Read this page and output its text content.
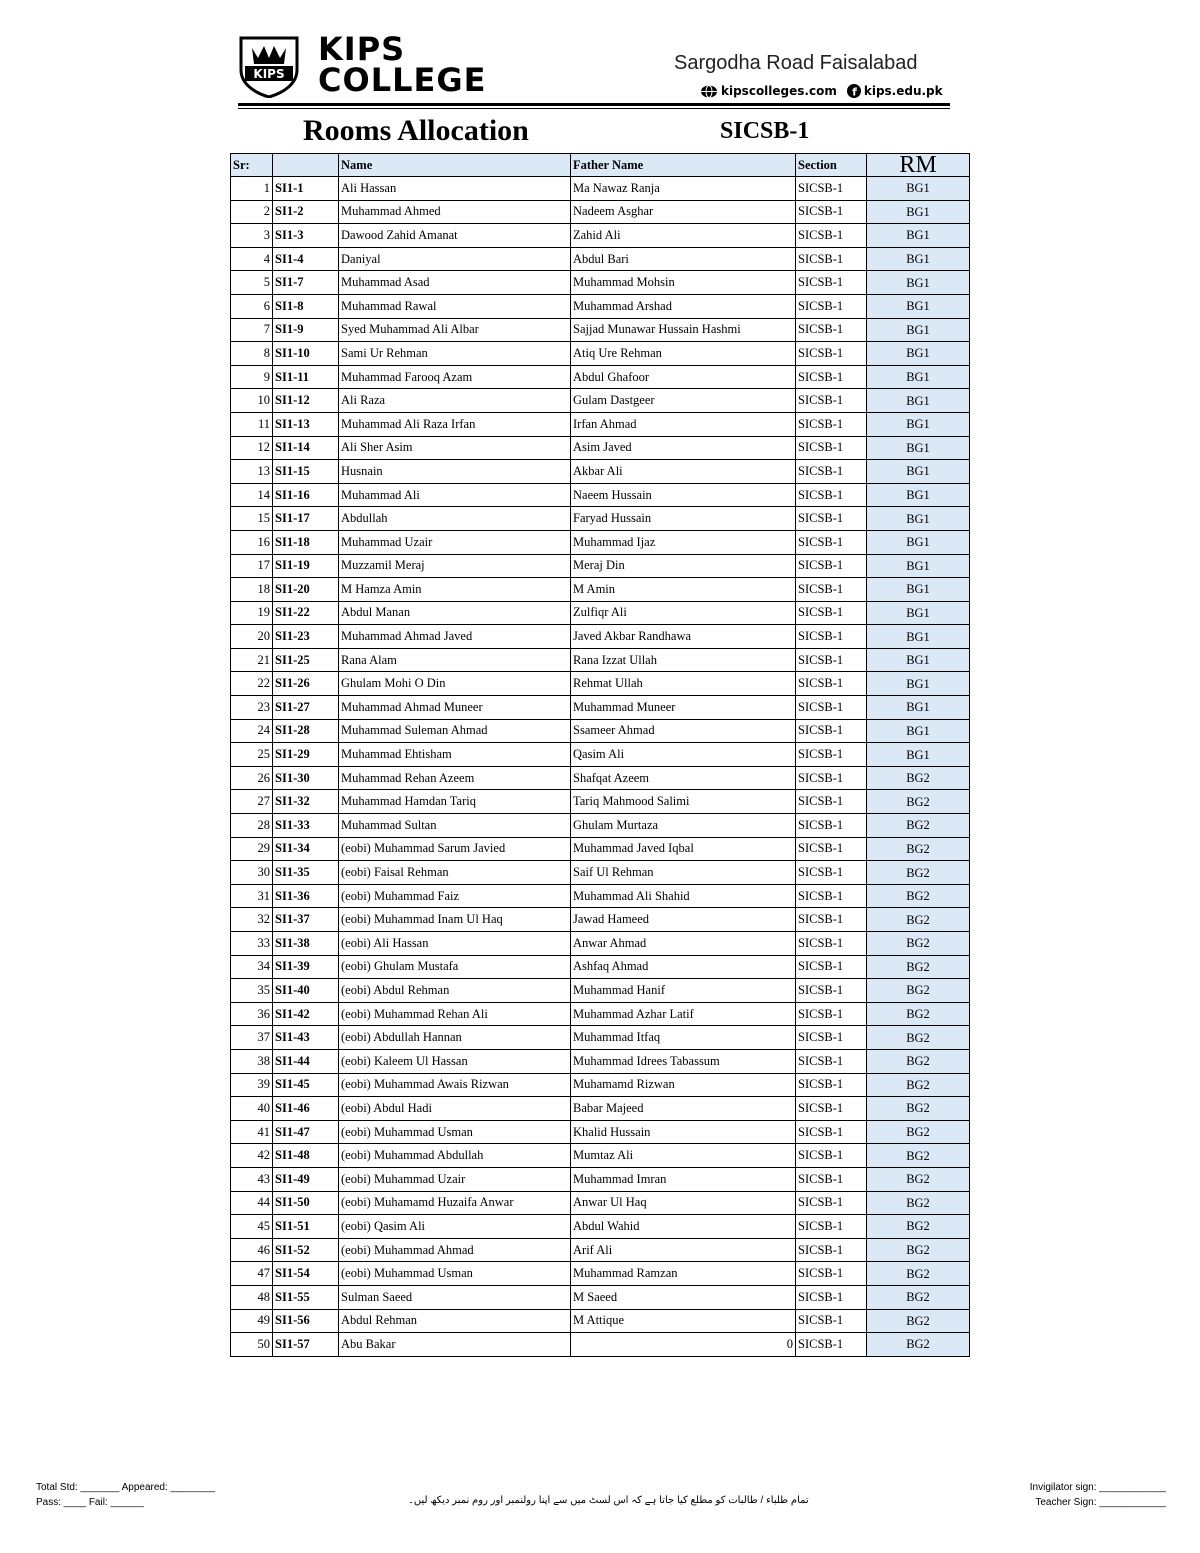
KIPS
KIPS
COLLEGE	Sargodha Road Faisalabad
kipscolleges.com f kips.edu.pk
Rooms Allocation	SICSB-1
Sr:		Name	Father Name	Section	RM
1	SI1-1	Ali Hassan	Ma Nawaz Ranja	SICSB-1	BG1
2	SI1-2	Muhammad Ahmed	Nadeem Asghar	SICSB-1	BG1
3	SI1-3	Dawood Zahid Amanat	Zahid Ali	SICSB-1	BG1
4	SI1-4	Daniyal	Abdul Bari	SICSB-1	BG1
5	SI1-7	Muhammad Asad	Muhammad Mohsin	SICSB-1	BG1
6	SI1-8	Muhammad Rawal	Muhammad Arshad	SICSB-1	BG1
7	SI1-9	Syed Muhammad Ali Albar	Sajjad Munawar Hussain Hashmi	SICSB-1	BG1
8	SI1-10	Sami Ur Rehman	Atiq Ure Rehman	SICSB-1	BG1
9	SI1-11	Muhammad Farooq Azam	Abdul Ghafoor	SICSB-1	BG1
10	SI1-12	Ali Raza	Gulam Dastgeer	SICSB-1	BG1
11	SI1-13	Muhammad Ali Raza Irfan	Irfan Ahmad	SICSB-1	BG1
12	SI1-14	Ali Sher Asim	Asim Javed	SICSB-1	BG1
13	SI1-15	Husnain	Akbar Ali	SICSB-1	BG1
14	SI1-16	Muhammad Ali	Naeem Hussain	SICSB-1	BG1
15	SI1-17	Abdullah	Faryad Hussain	SICSB-1	BG1
16	SI1-18	Muhammad Uzair	Muhammad Ijaz	SICSB-1	BG1
17	SI1-19	Muzzamil Meraj	Meraj Din	SICSB-1	BG1
18	SI1-20	M Hamza Amin	M Amin	SICSB-1	BG1
19	SI1-22	Abdul Manan	Zulfiqr Ali	SICSB-1	BG1
20	SI1-23	Muhammad Ahmad Javed	Javed Akbar Randhawa	SICSB-1	BG1
21	SI1-25	Rana Alam	Rana Izzat Ullah	SICSB-1	BG1
22	SI1-26	Ghulam Mohi O Din	Rehmat Ullah	SICSB-1	BG1
23	SI1-27	Muhammad Ahmad Muneer	Muhammad Muneer	SICSB-1	BG1
24	SI1-28	Muhammad Suleman Ahmad	Ssameer Ahmad	SICSB-1	BG1
25	SI1-29	Muhammad Ehtisham	Qasim Ali	SICSB-1	BG1
26	SI1-30	Muhammad Rehan Azeem	Shafqat Azeem	SICSB-1	BG2
27	SI1-32	Muhammad Hamdan Tariq	Tariq Mahmood Salimi	SICSB-1	BG2
28	SI1-33	Muhammad Sultan	Ghulam Murtaza	SICSB-1	BG2
29	SI1-34	(eobi) Muhammad Sarum Javied	Muhammad Javed Iqbal	SICSB-1	BG2
30	SI1-35	(eobi) Faisal Rehman	Saif Ul Rehman	SICSB-1	BG2
31	SI1-36	(eobi) Muhammad Faiz	Muhammad Ali Shahid	SICSB-1	BG2
32	SI1-37	(eobi) Muhammad Inam Ul Haq	Jawad Hameed	SICSB-1	BG2
33	SI1-38	(eobi) Ali Hassan	Anwar Ahmad	SICSB-1	BG2
34	SI1-39	(eobi) Ghulam Mustafa	Ashfaq Ahmad	SICSB-1	BG2
35	SI1-40	(eobi) Abdul Rehman	Muhammad Hanif	SICSB-1	BG2
36	SI1-42	(eobi) Muhammad Rehan Ali	Muhammad Azhar Latif	SICSB-1	BG2
37	SI1-43	(eobi) Abdullah Hannan	Muhammad Itfaq	SICSB-1	BG2
38	SI1-44	(eobi) Kaleem Ul Hassan	Muhammad Idrees Tabassum	SICSB-1	BG2
39	SI1-45	(eobi) Muhammad Awais Rizwan	Muhamamd Rizwan	SICSB-1	BG2
40	SI1-46	(eobi) Abdul Hadi	Babar Majeed	SICSB-1	BG2
41	SI1-47	(eobi) Muhammad Usman	Khalid Hussain	SICSB-1	BG2
42	SI1-48	(eobi) Muhammad Abdullah	Mumtaz Ali	SICSB-1	BG2
43	SI1-49	(eobi) Muhammad Uzair	Muhammad Imran	SICSB-1	BG2
44	SI1-50	(eobi) Muhamamd Huzaifa Anwar	Anwar Ul Haq	SICSB-1	BG2
45	SI1-51	(eobi) Qasim Ali	Abdul Wahid	SICSB-1	BG2
46	SI1-52	(eobi) Muhammad Ahmad	Arif Ali	SICSB-1	BG2
47	SI1-54	(eobi) Muhammad Usman	Muhammad Ramzan	SICSB-1	BG2
48	SI1-55	Sulman Saeed	M Saeed	SICSB-1	BG2
49	SI1-56	Abdul Rehman	M Attique	SICSB-1	BG2
50	SI1-57	Abu Bakar	0	SICSB-1	BG2
Total Std: _______ Appeared: ________
Pass: ____ Fail: ______	تمام طلباء / طالبات کو مطلع کیا جاتا ہے کہ اس لسٹ میں سے اپنا رولنمبر اور روم نمبر دیکھ لیں۔
Invigilator sign: ____________
Teacher Sign: ____________
